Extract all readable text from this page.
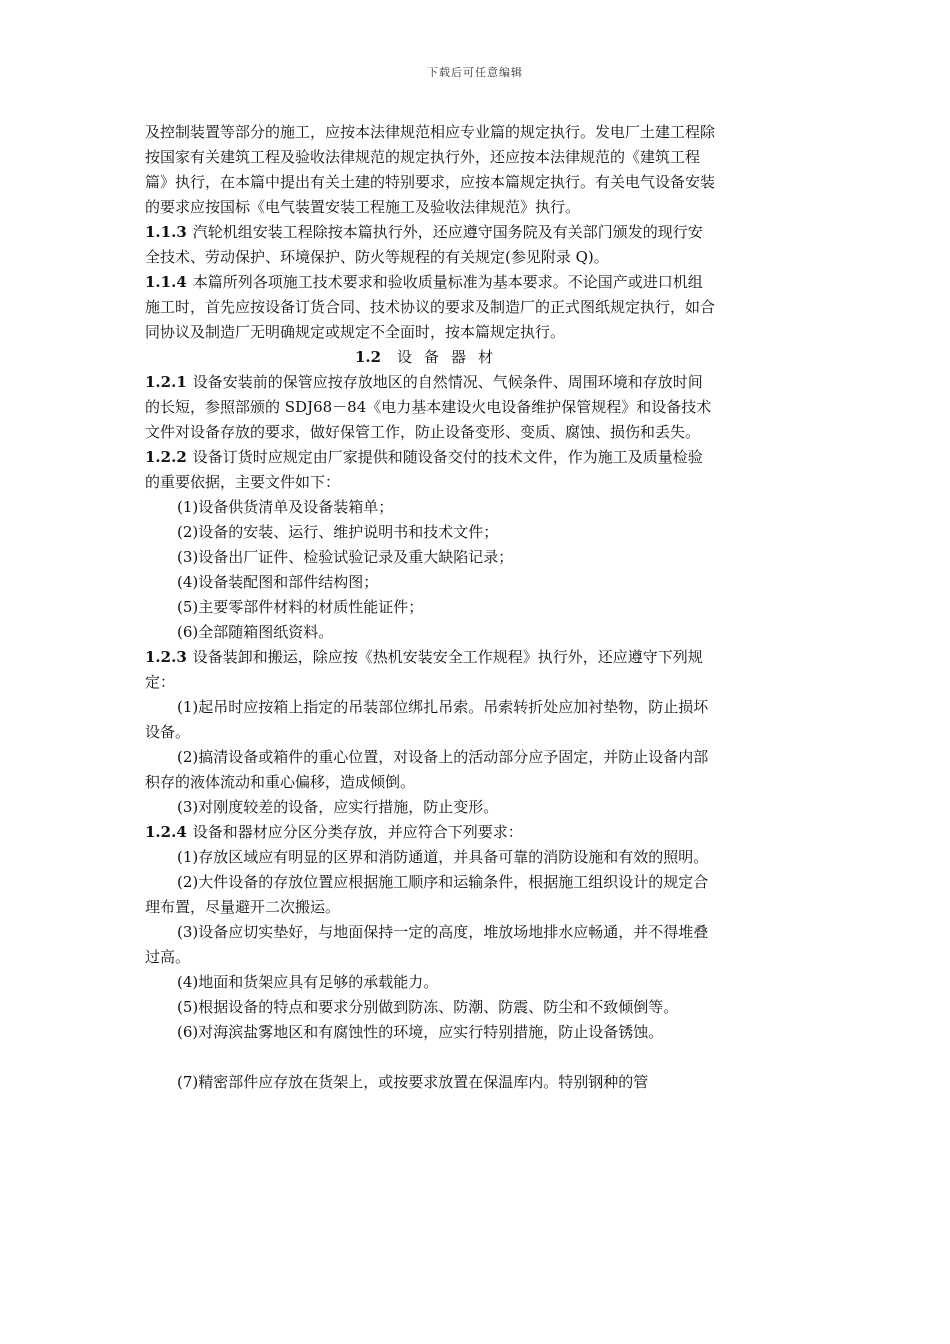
下载后可任意编辑

及控制装置等部分的施工，应按本法律规范相应专业篇的规定执行。发电厂土建工程除按国家有关建筑工程及验收法律规范的规定执行外，还应按本法律规范的《建筑工程篇》执行，在本篇中提出有关土建的特别要求，应按本篇规定执行。有关电气设备安装的要求应按国标《电气装置安装工程施工及验收法律规范》执行。

1.1.3 汽轮机组安装工程除按本篇执行外，还应遵守国务院及有关部门颁发的现行安全技术、劳动保护、环境保护、防火等规程的有关规定(参见附录 Q)。

1.1.4 本篇所列各项施工技术要求和验收质量标准为基本要求。不论国产或进口机组施工时，首先应按设备订货合同、技术协议的要求及制造厂的正式图纸规定执行，如合同协议及制造厂无明确规定或规定不全面时，按本篇规定执行。

1.2 设备器材

1.2.1 设备安装前的保管应按存放地区的自然情况、气候条件、周围环境和存放时间的长短，参照部颁的 SDJ68－84《电力基本建设火电设备维护保管规程》和设备技术文件对设备存放的要求，做好保管工作，防止设备变形、变质、腐蚀、损伤和丢失。

1.2.2 设备订货时应规定由厂家提供和随设备交付的技术文件，作为施工及质量检验的重要依据，主要文件如下：

(1)设备供货清单及设备装箱单；

(2)设备的安装、运行、维护说明书和技术文件；

(3)设备出厂证件、检验试验记录及重大缺陷记录；

(4)设备装配图和部件结构图；

(5)主要零部件材料的材质性能证件；

(6)全部随箱图纸资料。

1.2.3 设备装卸和搬运，除应按《热机安装安全工作规程》执行外，还应遵守下列规定：

(1)起吊时应按箱上指定的吊装部位绑扎吊索。吊索转折处应加衬垫物，防止损坏设备。

(2)搞清设备或箱件的重心位置，对设备上的活动部分应予固定，并防止设备内部积存的液体流动和重心偏移，造成倾倒。

(3)对刚度较差的设备，应实行措施，防止变形。

1.2.4 设备和器材应分区分类存放，并应符合下列要求：

(1)存放区域应有明显的区界和消防通道，并具备可靠的消防设施和有效的照明。

(2)大件设备的存放位置应根据施工顺序和运输条件，根据施工组织设计的规定合理布置，尽量避开二次搬运。

(3)设备应切实垫好，与地面保持一定的高度，堆放场地排水应畅通，并不得堆叠过高。

(4)地面和货架应具有足够的承载能力。

(5)根据设备的特点和要求分别做到防冻、防潮、防震、防尘和不致倾倒等。

(6)对海滨盐雾地区和有腐蚀性的环境，应实行特别措施，防止设备锈蚀。

(7)精密部件应存放在货架上，或按要求放置在保温库内。特别钢种的管
